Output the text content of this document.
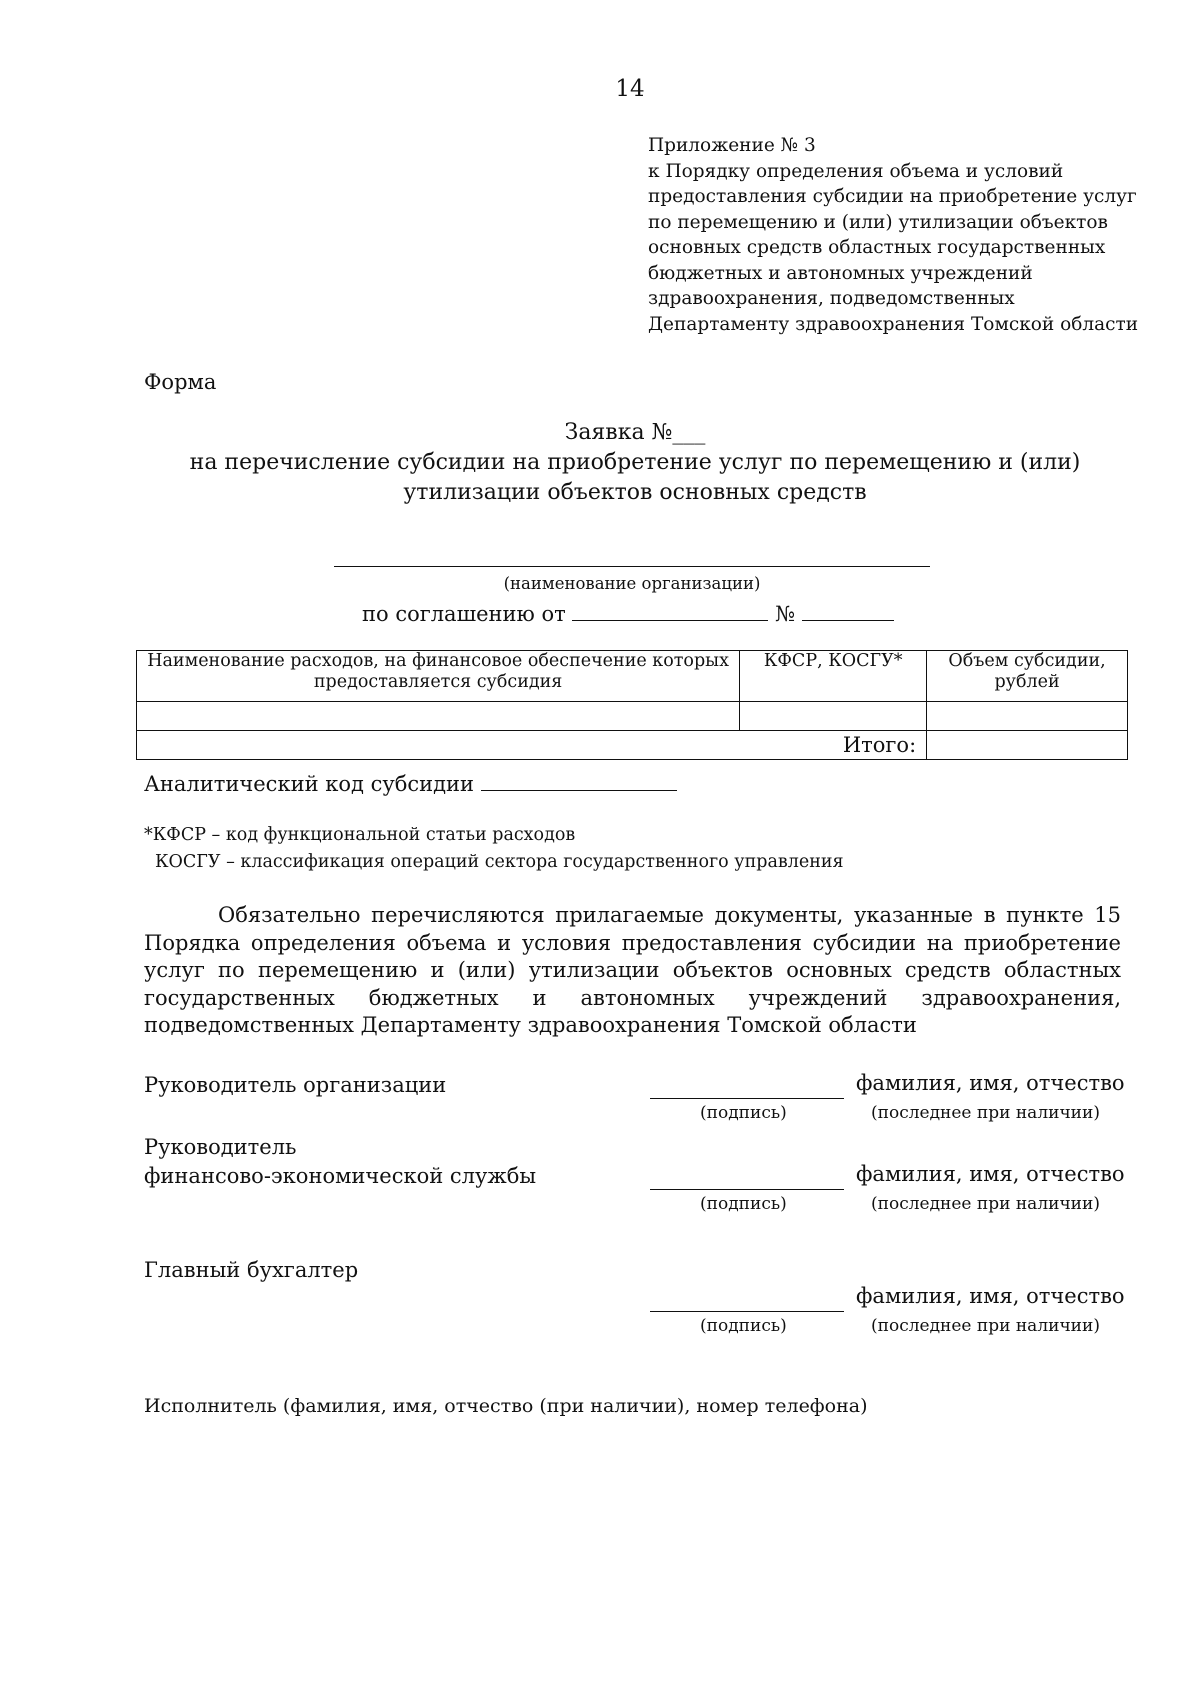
14
Приложение № 3
к Порядку определения объема и условий
предоставления субсидии на приобретение услуг
по перемещению и (или) утилизации объектов
основных средств областных государственных
бюджетных и автономных учреждений
здравоохранения, подведомственных
Департаменту здравоохранения Томской области
Форма
Заявка №___
на перечисление субсидии на приобретение услуг по перемещению и (или)
утилизации объектов основных средств
(наименование организации)
по соглашению от	№
Наименование расходов, на финансовое обеспечение которых предоставляется субсидия	КФСР, КОСГУ*	Объем субсидии, рублей

Итого:		
Аналитический код субсидии
*КФСР – код функциональной статьи расходов
КОСГУ – классификация операций сектора государственного управления

Обязательно перечисляются прилагаемые документы, указанные в пункте 15 Порядка определения объема и условия предоставления субсидии на приобретение услуг по перемещению и (или) утилизации объектов основных средств областных государственных бюджетных и автономных учреждений здравоохранения, подведомственных Департаменту здравоохранения Томской области

Руководитель организации	фамилия, имя, отчество
(подпись)	(последнее при наличии)
Руководитель
финансово-экономической службы	фамилия, имя, отчество
(подпись)	(последнее при наличии)
Главный бухгалтер
фамилия, имя, отчество
(подпись)	(последнее при наличии)
Исполнитель (фамилия, имя, отчество (при наличии), номер телефона)
